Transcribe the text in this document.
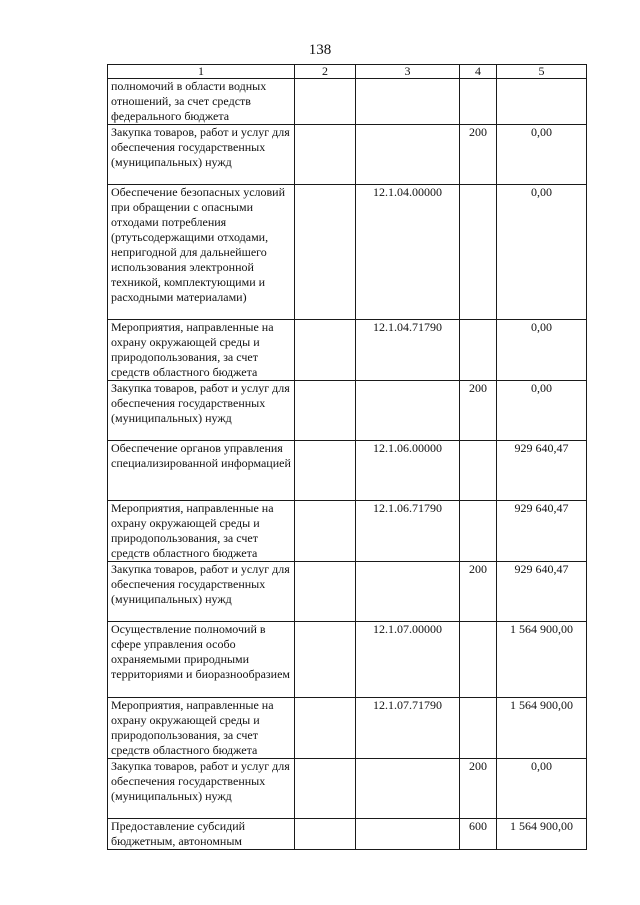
138
1	2	3	4	5
полномочий в области водных отношений, за счет средств федерального бюджета				
Закупка товаров, работ и услуг для обеспечения государственных (муниципальных) нужд			200	0,00
Обеспечение безопасных условий при обращении с опасными отходами потребления (ртутьсодержащими отходами, непригодной для дальнейшего использования электронной техникой, комплектующими и расходными материалами)		12.1.04.00000		0,00
Мероприятия, направленные на охрану окружающей среды и природопользования, за счет средств областного бюджета		12.1.04.71790		0,00
Закупка товаров, работ и услуг для обеспечения государственных (муниципальных) нужд			200	0,00
Обеспечение органов управления специализированной информацией		12.1.06.00000		929 640,47
Мероприятия, направленные на охрану окружающей среды и природопользования, за счет средств областного бюджета		12.1.06.71790		929 640,47
Закупка товаров, работ и услуг для обеспечения государственных (муниципальных) нужд			200	929 640,47
Осуществление полномочий в сфере управления особо охраняемыми природными территориями и биоразнообразием		12.1.07.00000		1 564 900,00
Мероприятия, направленные на охрану окружающей среды и природопользования, за счет средств областного бюджета		12.1.07.71790		1 564 900,00
Закупка товаров, работ и услуг для обеспечения государственных (муниципальных) нужд			200	0,00
Предоставление субсидий бюджетным, автономным			600	1 564 900,00
